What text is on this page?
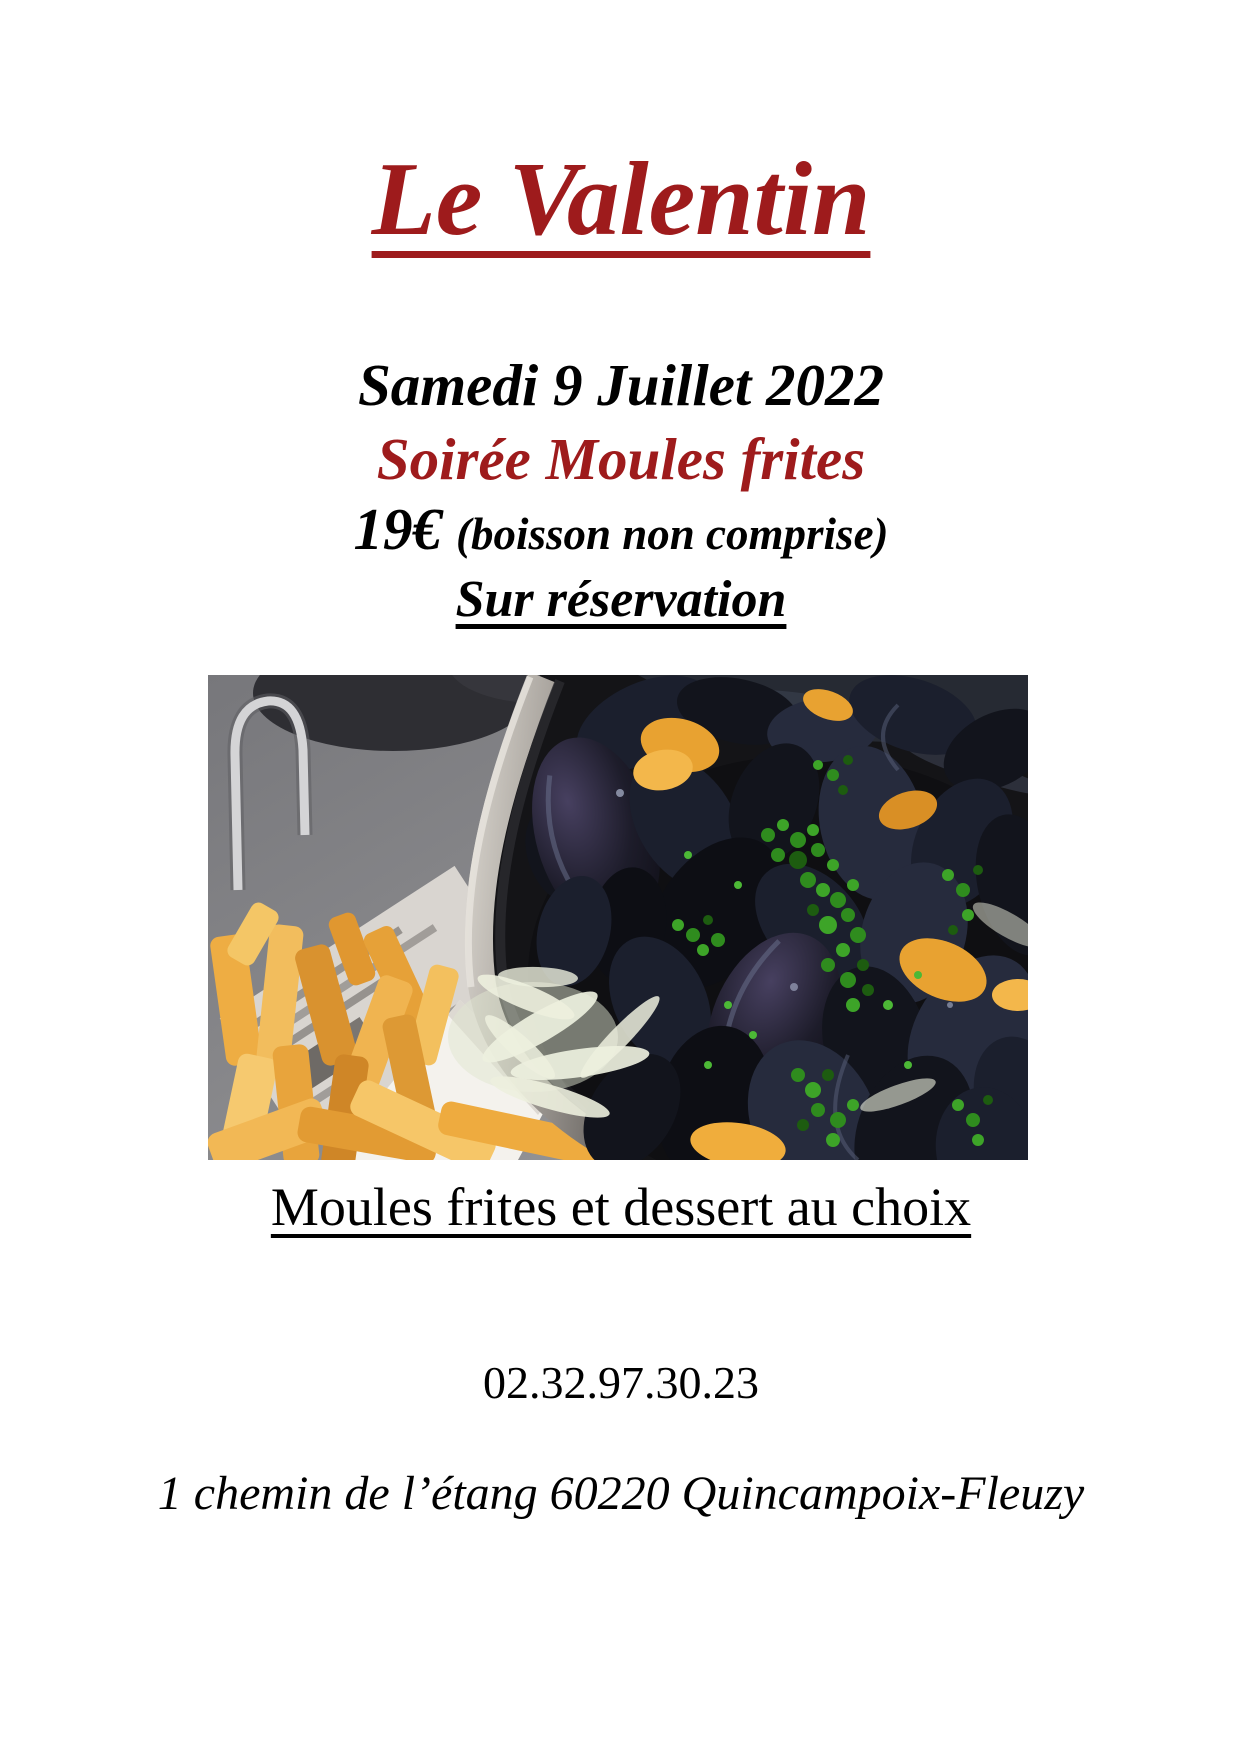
Le Valentin
Samedi 9 Juillet 2022
Soirée Moules frites
19€ (boisson non comprise)
Sur réservation
Moules frites et dessert au choix
02.32.97.30.23
1 chemin de l’étang 60220 Quincampoix-Fleuzy
